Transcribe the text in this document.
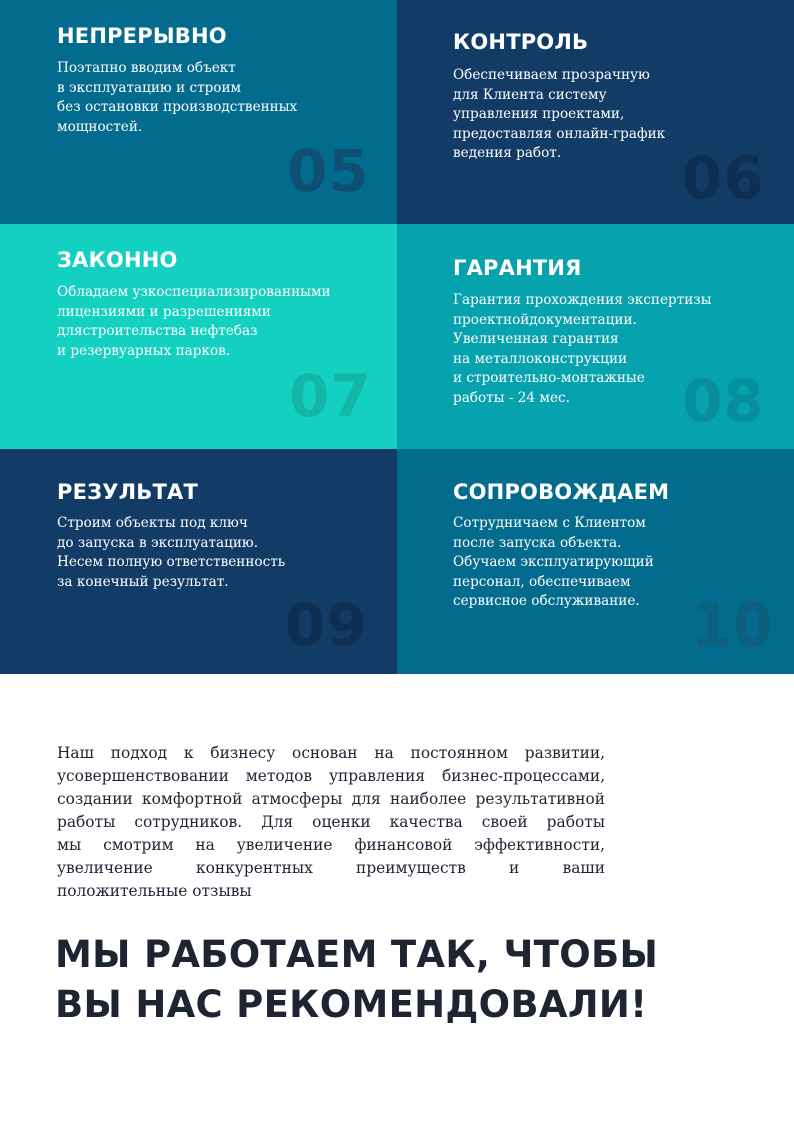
НЕПРЕРЫВНО

Поэтапно вводим объект
в эксплуатацию и строим
без остановки производственных
мощностей.

05
КОНТРОЛЬ

Обеспечиваем прозрачную
для Клиента систему
управления проектами,
предоставляя онлайн-график
ведения работ.	06
ЗАКОННО

Обладаем узкоспециализированными
лицензиями и разрешениями
длястроительства нефтебаз
и резервуарных парков.

07
ГАРАНТИЯ

Гарантия прохождения экспертизы
проектнойдокументации.
Увеличенная гарантия
на металлоконструкции
и строительно-монтажные
работы - 24 мес.	08
РЕЗУЛЬТАТ

Строим объекты под ключ
до запуска в эксплуатацию.
Несем полную ответственность
за конечный результат.

09
СОПРОВОЖДАЕМ

Сотрудничаем с Клиентом
после запуска объекта.
Обучаем эксплуатирующий
персонал, обеспечиваем
сервисное обслуживание. 10

Наш подход к бизнесу основан на постоянном развитии,
усовершенствовании методов управления бизнес-процессами,
создании комфортной атмосферы для наиболее результативной
работы сотрудников. Для оценки качества своей работы
мы смотрим на увеличение финансовой эффективности,
увеличение конкурентных преимуществ и ваши
положительные отзывы

МЫ РАБОТАЕМ ТАК, ЧТОБЫ
ВЫ НАС РЕКОМЕНДОВАЛИ!
